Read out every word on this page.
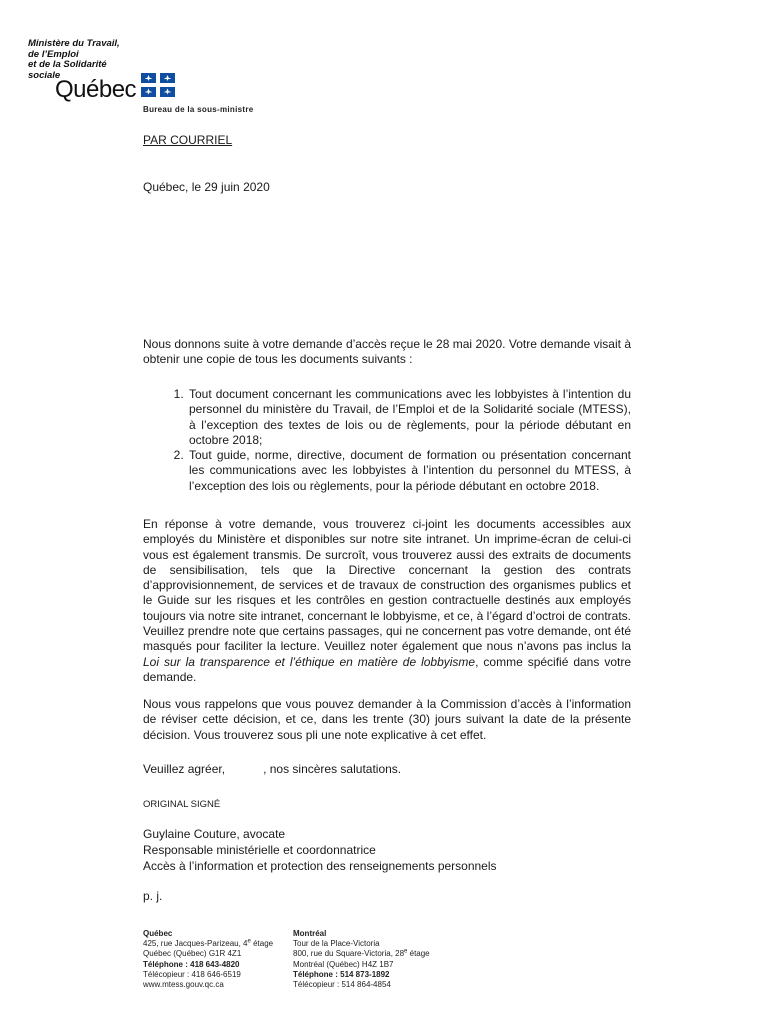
Ministère du Travail,
de l’Emploi
et de la Solidarité
sociale
Québec
Bureau de la sous-ministre
PAR COURRIEL
Québec, le 29 juin 2020
Nous donnons suite à votre demande d’accès reçue le 28 mai 2020. Votre demande visait à obtenir une copie de tous les documents suivants :
1. Tout document concernant les communications avec les lobbyistes à l’intention du personnel du ministère du Travail, de l’Emploi et de la Solidarité sociale (MTESS), à l’exception des textes de lois ou de règlements, pour la période débutant en octobre 2018;
2. Tout guide, norme, directive, document de formation ou présentation concernant les communications avec les lobbyistes à l’intention du personnel du MTESS, à l’exception des lois ou règlements, pour la période débutant en octobre 2018.
En réponse à votre demande, vous trouverez ci-joint les documents accessibles aux employés du Ministère et disponibles sur notre site intranet. Un imprime-écran de celui-ci vous est également transmis. De surcroît, vous trouverez aussi des extraits de documents de sensibilisation, tels que la Directive concernant la gestion des contrats d’approvisionnement, de services et de travaux de construction des organismes publics et le Guide sur les risques et les contrôles en gestion contractuelle destinés aux employés toujours via notre site intranet, concernant le lobbyisme, et ce, à l’égard d’octroi de contrats. Veuillez prendre note que certains passages, qui ne concernent pas votre demande, ont été masqués pour faciliter la lecture. Veuillez noter également que nous n’avons pas inclus la Loi sur la transparence et l’éthique en matière de lobbyisme, comme spécifié dans votre demande.
Nous vous rappelons que vous pouvez demander à la Commission d’accès à l’information de réviser cette décision, et ce, dans les trente (30) jours suivant la date de la présente décision. Vous trouverez sous pli une note explicative à cet effet.
Veuillez agréer,	, nos sincères salutations.
ORIGINAL SIGNÉ
Guylaine Couture, avocate
Responsable ministérielle et coordonnatrice
Accès à l’information et protection des renseignements personnels
p. j.
Québec
425, rue Jacques-Parizeau, 4e étage
Québec (Québec) G1R 4Z1
Téléphone : 418 643-4820
Télécopieur : 418 646-6519
www.mtess.gouv.qc.ca
Montréal
Tour de la Place-Victoria
800, rue du Square-Victoria, 28e étage
Montréal (Québec) H4Z 1B7
Téléphone : 514 873-1892
Télécopieur : 514 864-4854
